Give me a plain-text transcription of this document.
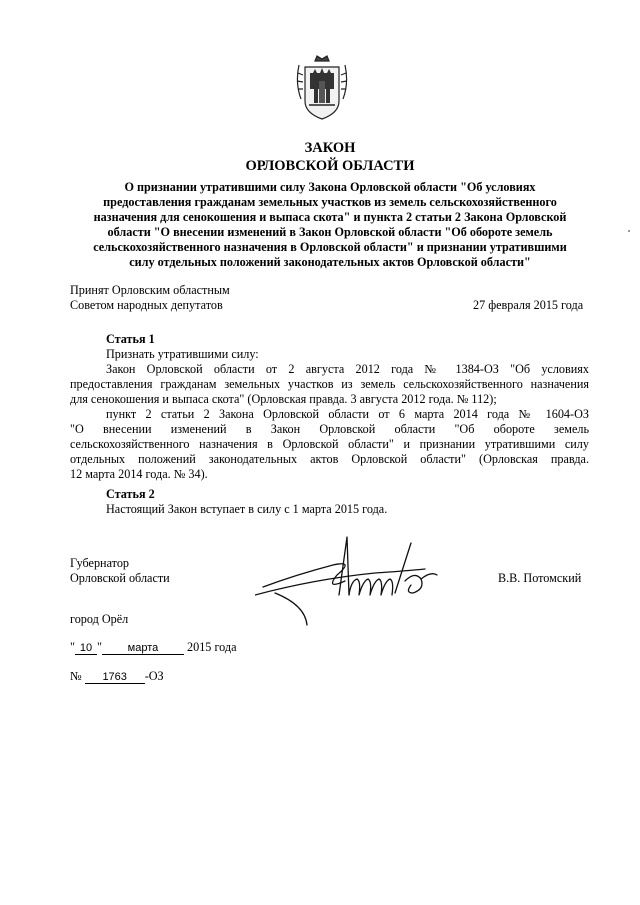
ЗАКОН
ОРЛОВСКОЙ ОБЛАСТИ
О признании утратившими силу Закона Орловской области "Об условиях
предоставления гражданам земельных участков из земель сельскохозяйственного
назначения для сенокошения и выпаса скота" и пункта 2 статьи 2 Закона Орловской
области "О внесении изменений в Закон Орловской области "Об обороте земель
сельскохозяйственного назначения в Орловской области" и признании утратившими
силу отдельных положений законодательных актов Орловской области"
Принят Орловским областным
Советом народных депутатов	27 февраля 2015 года
Статья 1
Признать утратившими силу:
Закон Орловской области от 2 августа 2012 года № 1384-ОЗ "Об условиях
предоставления гражданам земельных участков из земель сельскохозяйственного назначения
для сенокошения и выпаса скота" (Орловская правда. 3 августа 2012 года. № 112);
пункт 2 статьи 2 Закона Орловской области от 6 марта 2014 года № 1604-ОЗ
"О внесении изменений в Закон Орловской области "Об обороте земель
сельскохозяйственного назначения в Орловской области" и признании утратившими силу
отдельных положений законодательных актов Орловской области" (Орловская правда.
12 марта 2014 года. № 34).
Статья 2
Настоящий Закон вступает в силу с 1 марта 2015 года.
Губернатор
Орловской области	В.В. Потомский
город Орёл
" 10 " марта 2015 года
№ 1763 -ОЗ
